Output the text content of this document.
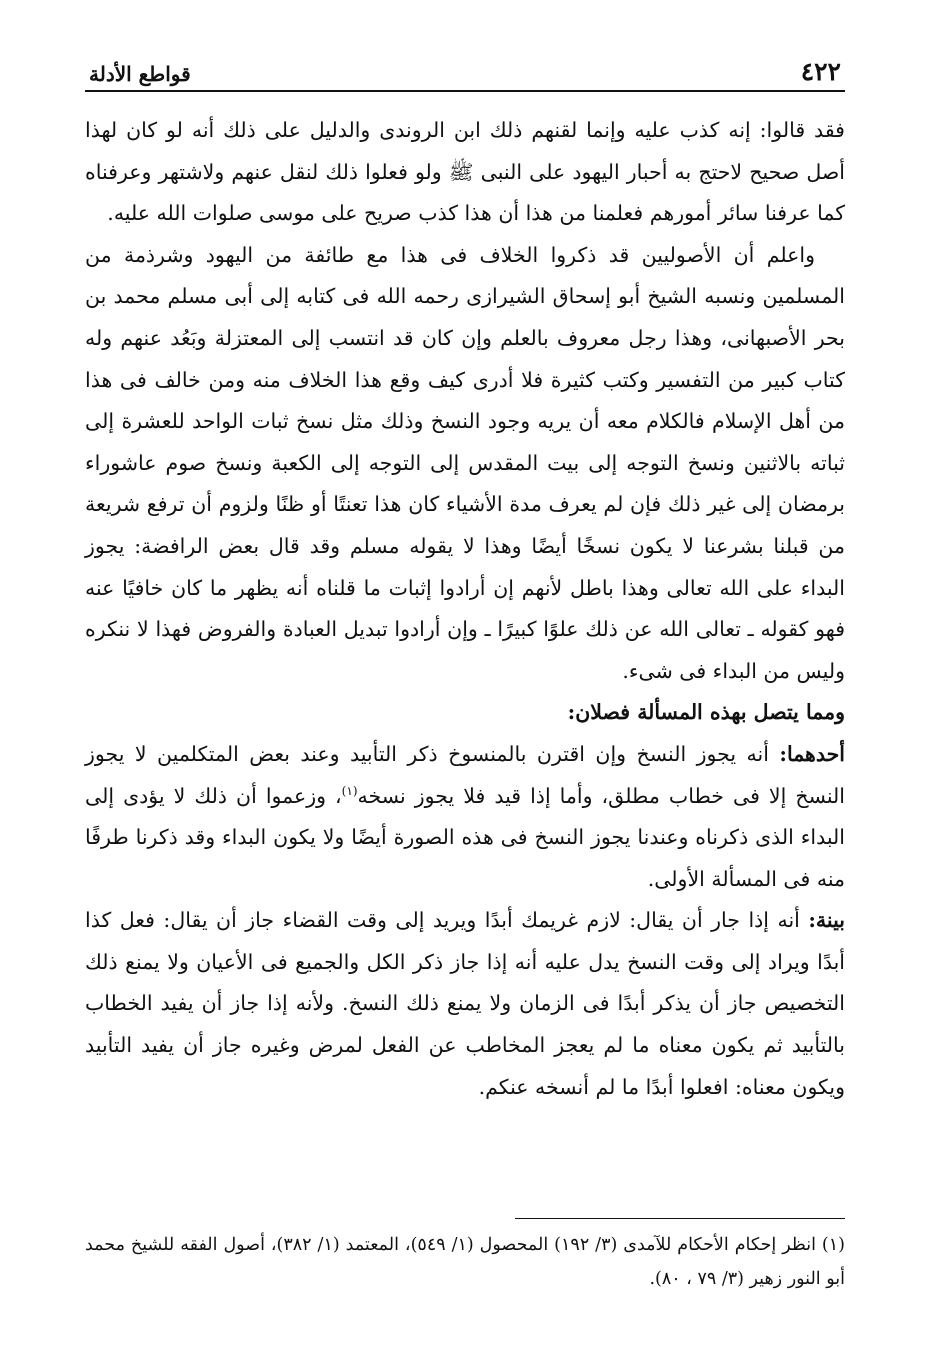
٤٢٢
قواطع الأدلة

فقد قالوا: إنه كذب عليه وإنما لقنهم ذلك ابن الروندى والدليل على ذلك أنه لو كان لهذا أصل صحيح لاحتج به أحبار اليهود على النبى ﷺ ولو فعلوا ذلك لنقل عنهم ولاشتهر وعرفناه كما عرفنا سائر أمورهم فعلمنا من هذا أن هذا كذب صريح على موسى صلوات الله عليه.

واعلم أن الأصوليين قد ذكروا الخلاف فى هذا مع طائفة من اليهود وشرذمة من المسلمين ونسبه الشيخ أبو إسحاق الشيرازى رحمه الله فى كتابه إلى أبى مسلم محمد بن بحر الأصبهانى، وهذا رجل معروف بالعلم وإن كان قد انتسب إلى المعتزلة وبَعُد عنهم وله كتاب كبير من التفسير وكتب كثيرة فلا أدرى كيف وقع هذا الخلاف منه ومن خالف فى هذا من أهل الإسلام فالكلام معه أن يريه وجود النسخ وذلك مثل نسخ ثبات الواحد للعشرة إلى ثباته بالاثنين ونسخ التوجه إلى بيت المقدس إلى التوجه إلى الكعبة ونسخ صوم عاشوراء برمضان إلى غير ذلك فإن لم يعرف مدة الأشياء كان هذا تعنتًا أو ظنًا ولزوم أن ترفع شريعة من قبلنا بشرعنا لا يكون نسخًا أيضًا وهذا لا يقوله مسلم وقد قال بعض الرافضة: يجوز البداء على الله تعالى وهذا باطل لأنهم إن أرادوا إثبات ما قلناه أنه يظهر ما كان خافيًا عنه فهو كقوله ـ تعالى الله عن ذلك علوًا كبيرًا ـ وإن أرادوا تبديل العبادة والفروض فهذا لا ننكره وليس من البداء فى شىء.

ومما يتصل بهذه المسألة فصلان:

أحدهما: أنه يجوز النسخ وإن اقترن بالمنسوخ ذكر التأبيد وعند بعض المتكلمين لا يجوز النسخ إلا فى خطاب مطلق، وأما إذا قيد فلا يجوز نسخه$^{(١)}$، وزعموا أن ذلك لا يؤدى إلى البداء الذى ذكرناه وعندنا يجوز النسخ فى هذه الصورة أيضًا ولا يكون البداء وقد ذكرنا طرفًا منه فى المسألة الأولى.

بينة: أنه إذا جار أن يقال: لازم غريمك أبدًا ويريد إلى وقت القضاء جاز أن يقال: فعل كذا أبدًا ويراد إلى وقت النسخ يدل عليه أنه إذا جاز ذكر الكل والجميع فى الأعيان ولا يمنع ذلك التخصيص جاز أن يذكر أبدًا فى الزمان ولا يمنع ذلك النسخ. ولأنه إذا جاز أن يفيد الخطاب بالتأبيد ثم يكون معناه ما لم يعجز المخاطب عن الفعل لمرض وغيره جاز أن يفيد التأبيد ويكون معناه: افعلوا أبدًا ما لم أنسخه عنكم.

(١) انظر إحكام الأحكام للآمدى (٣/ ١٩٢) المحصول (١/ ٥٤٩)، المعتمد (١/ ٣٨٢)، أصول الفقه للشيخ محمد أبو النور زهير (٣/ ٧٩ ، ٨٠).
